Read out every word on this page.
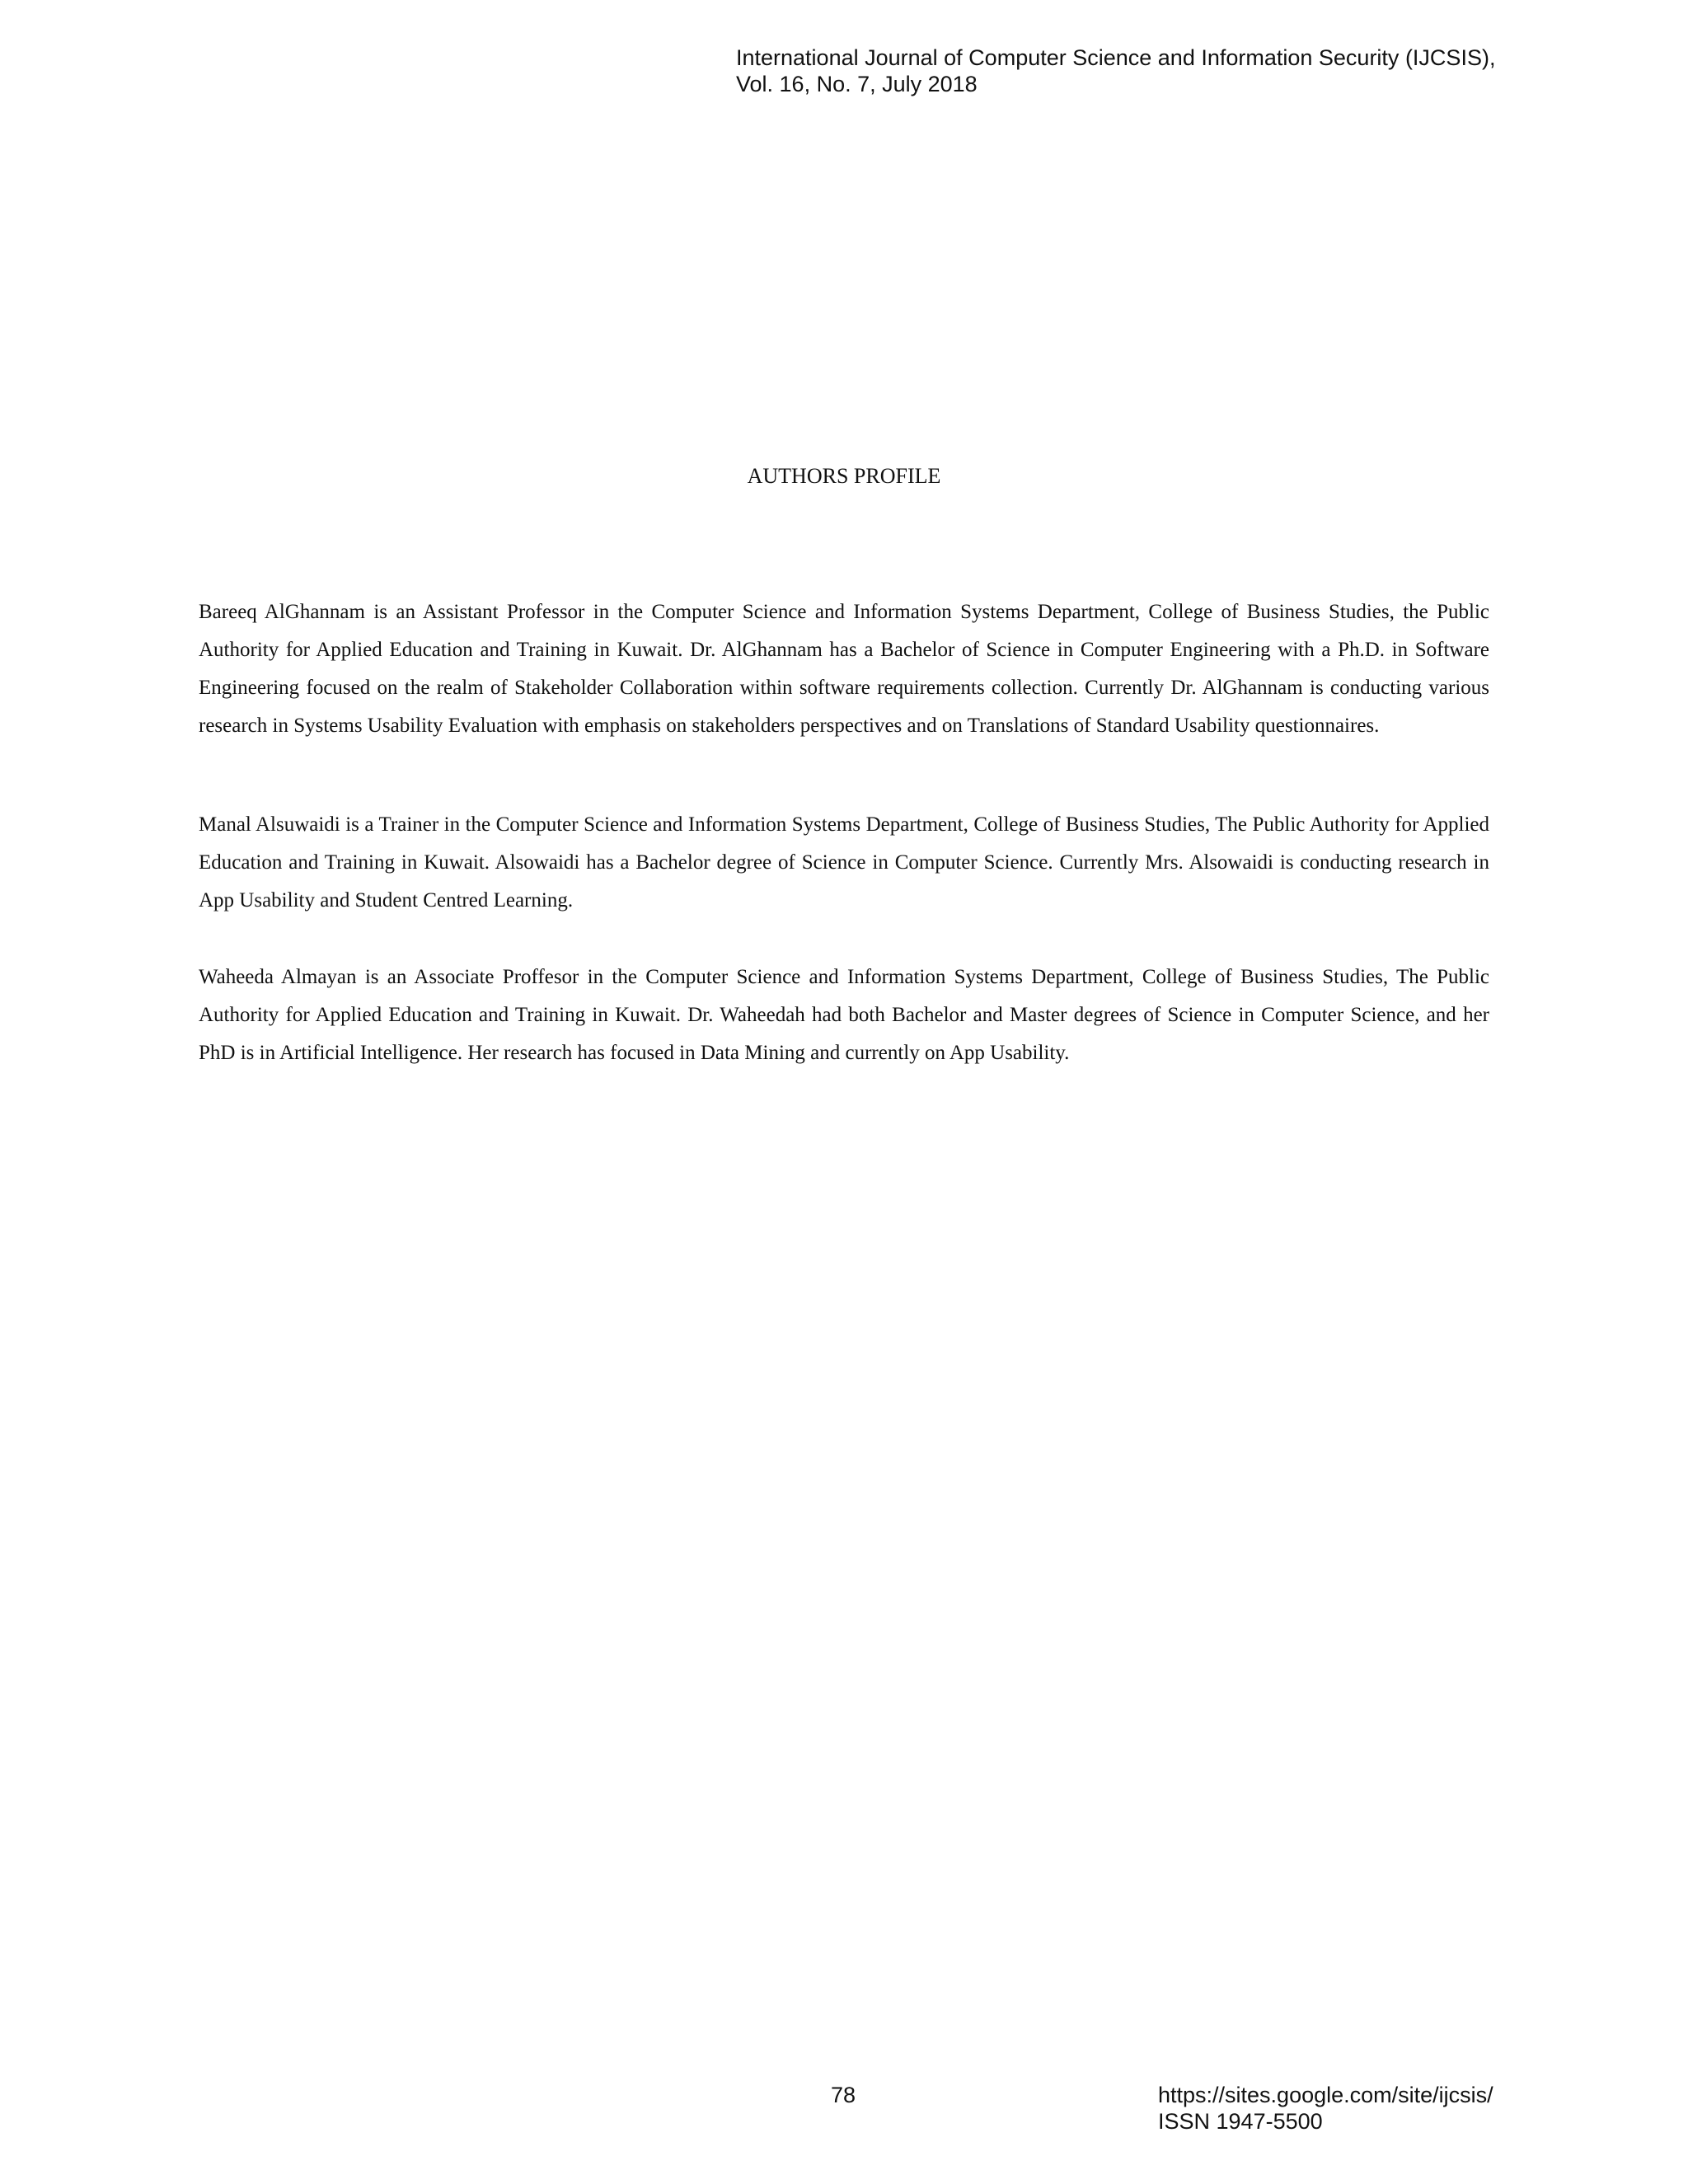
International Journal of Computer Science and Information Security (IJCSIS),
Vol. 16, No. 7, July 2018
AUTHORS PROFILE

Bareeq AlGhannam is an Assistant Professor in the Computer Science and Information Systems Department, College of Business Studies, the Public Authority for Applied Education and Training in Kuwait. Dr. AlGhannam has a Bachelor of Science in Computer Engineering with a Ph.D. in Software Engineering focused on the realm of Stakeholder Collaboration within software requirements collection. Currently Dr. AlGhannam is conducting various research in Systems Usability Evaluation with emphasis on stakeholders perspectives and on Translations of Standard Usability questionnaires.

Manal Alsuwaidi is a Trainer in the Computer Science and Information Systems Department, College of Business Studies, The Public Authority for Applied Education and Training in Kuwait. Alsowaidi has a Bachelor degree of Science in Computer Science. Currently Mrs. Alsowaidi is conducting research in App Usability and Student Centred Learning.

Waheeda Almayan is an Associate Proffesor in the Computer Science and Information Systems Department, College of Business Studies, The Public Authority for Applied Education and Training in Kuwait. Dr. Waheedah had both Bachelor and Master degrees of Science in Computer Science, and her PhD is in Artificial Intelligence. Her research has focused in Data Mining and currently on App Usability.

78	https://sites.google.com/site/ijcsis/
ISSN 1947-5500
